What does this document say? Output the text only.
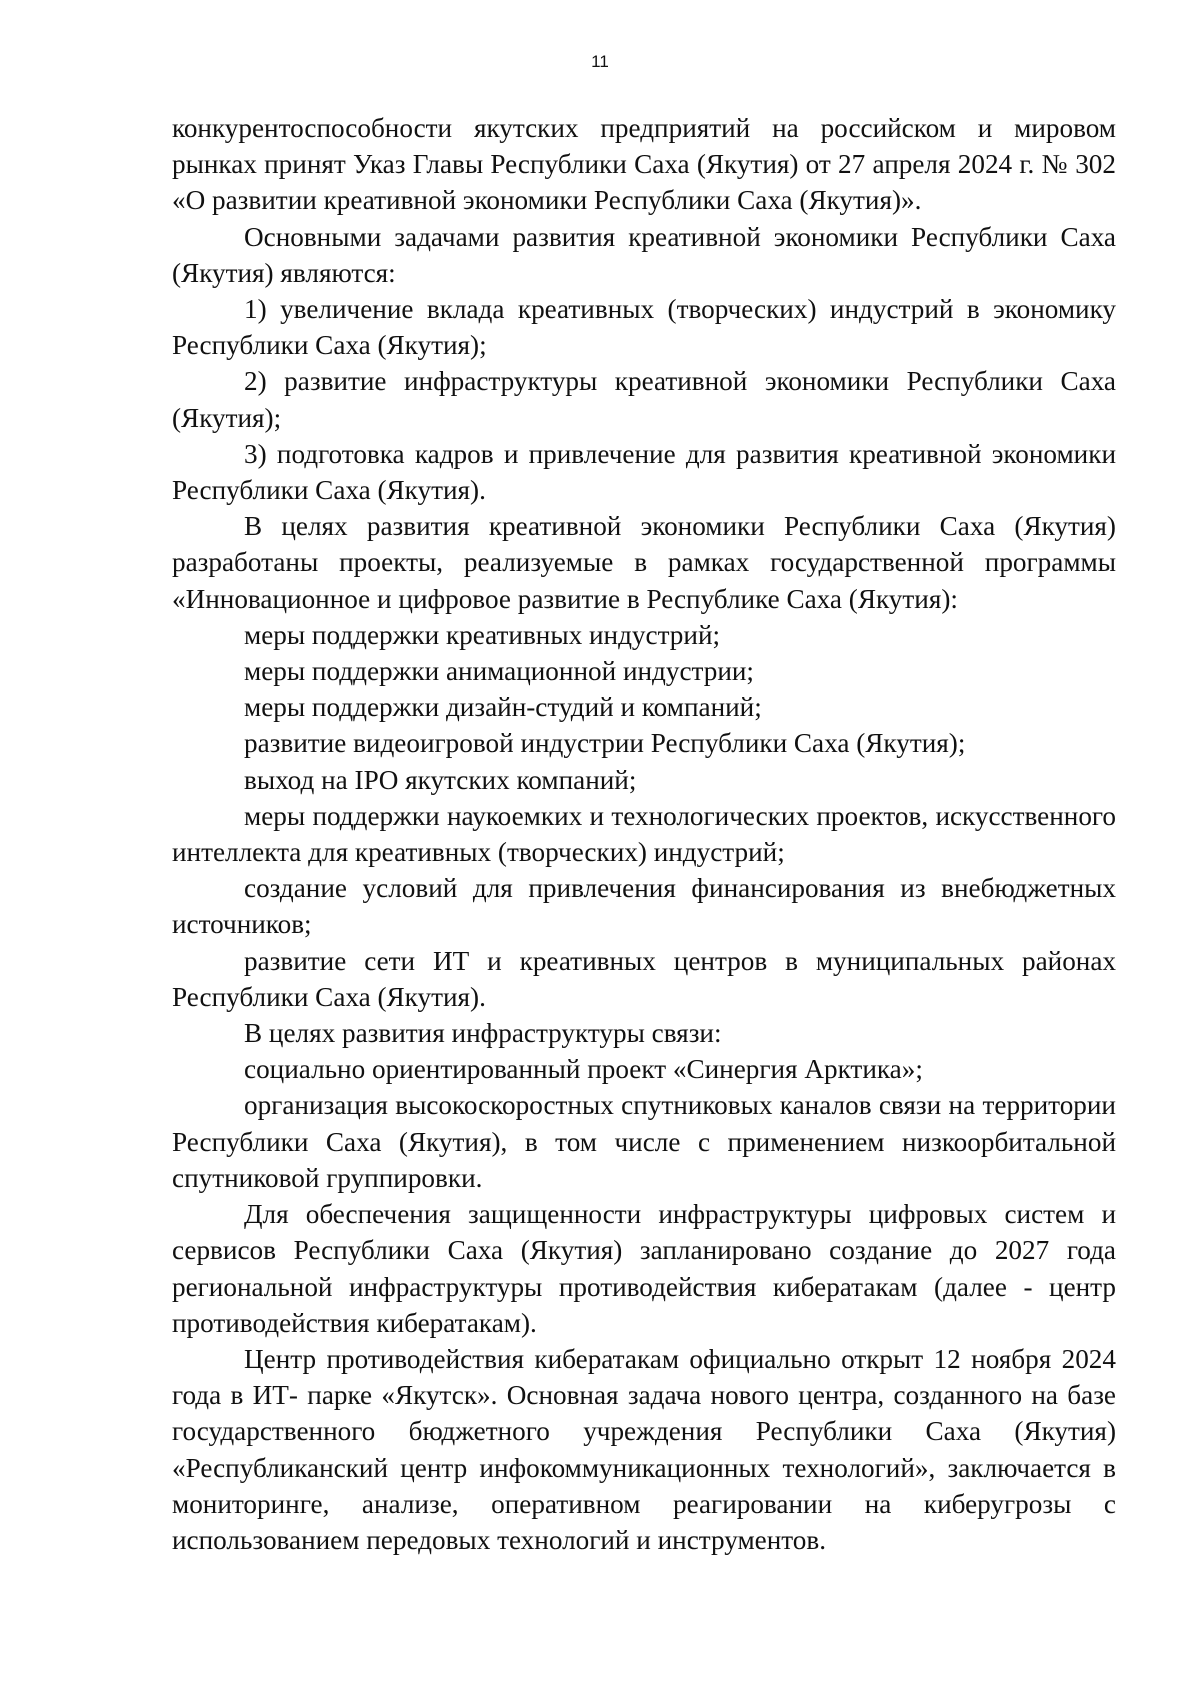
11

конкурентоспособности якутских предприятий на российском и мировом рынках принят Указ Главы Республики Саха (Якутия) от 27 апреля 2024 г. № 302 «О развитии креативной экономики Республики Саха (Якутия)».

Основными задачами развития креативной экономики Республики Саха (Якутия) являются:

1) увеличение вклада креативных (творческих) индустрий в экономику Республики Саха (Якутия);

2) развитие инфраструктуры креативной экономики Республики Саха (Якутия);

3) подготовка кадров и привлечение для развития креативной экономики Республики Саха (Якутия).

В целях развития креативной экономики Республики Саха (Якутия) разработаны проекты, реализуемые в рамках государственной программы «Инновационное и цифровое развитие в Республике Саха (Якутия):

меры поддержки креативных индустрий;

меры поддержки анимационной индустрии;

меры поддержки дизайн-студий и компаний;

развитие видеоигровой индустрии Республики Саха (Якутия);

выход на IPO якутских компаний;

меры поддержки наукоемких и технологических проектов, искусственного интеллекта для креативных (творческих) индустрий;

создание условий для привлечения финансирования из внебюджетных источников;

развитие сети ИТ и креативных центров в муниципальных районах Республики Саха (Якутия).

В целях развития инфраструктуры связи:

социально ориентированный проект «Синергия Арктика»;

организация высокоскоростных спутниковых каналов связи на территории Республики Саха (Якутия), в том числе с применением низкоорбитальной спутниковой группировки.

Для обеспечения защищенности инфраструктуры цифровых систем и сервисов Республики Саха (Якутия) запланировано создание до 2027 года региональной инфраструктуры противодействия кибератакам (далее - центр противодействия кибератакам).

Центр противодействия кибератакам официально открыт 12 ноября 2024 года в ИТ- парке «Якутск». Основная задача нового центра, созданного на базе государственного бюджетного учреждения Республики Саха (Якутия) «Республиканский центр инфокоммуникационных технологий», заключается в мониторинге, анализе, оперативном реагировании на киберугрозы с использованием передовых технологий и инструментов.
